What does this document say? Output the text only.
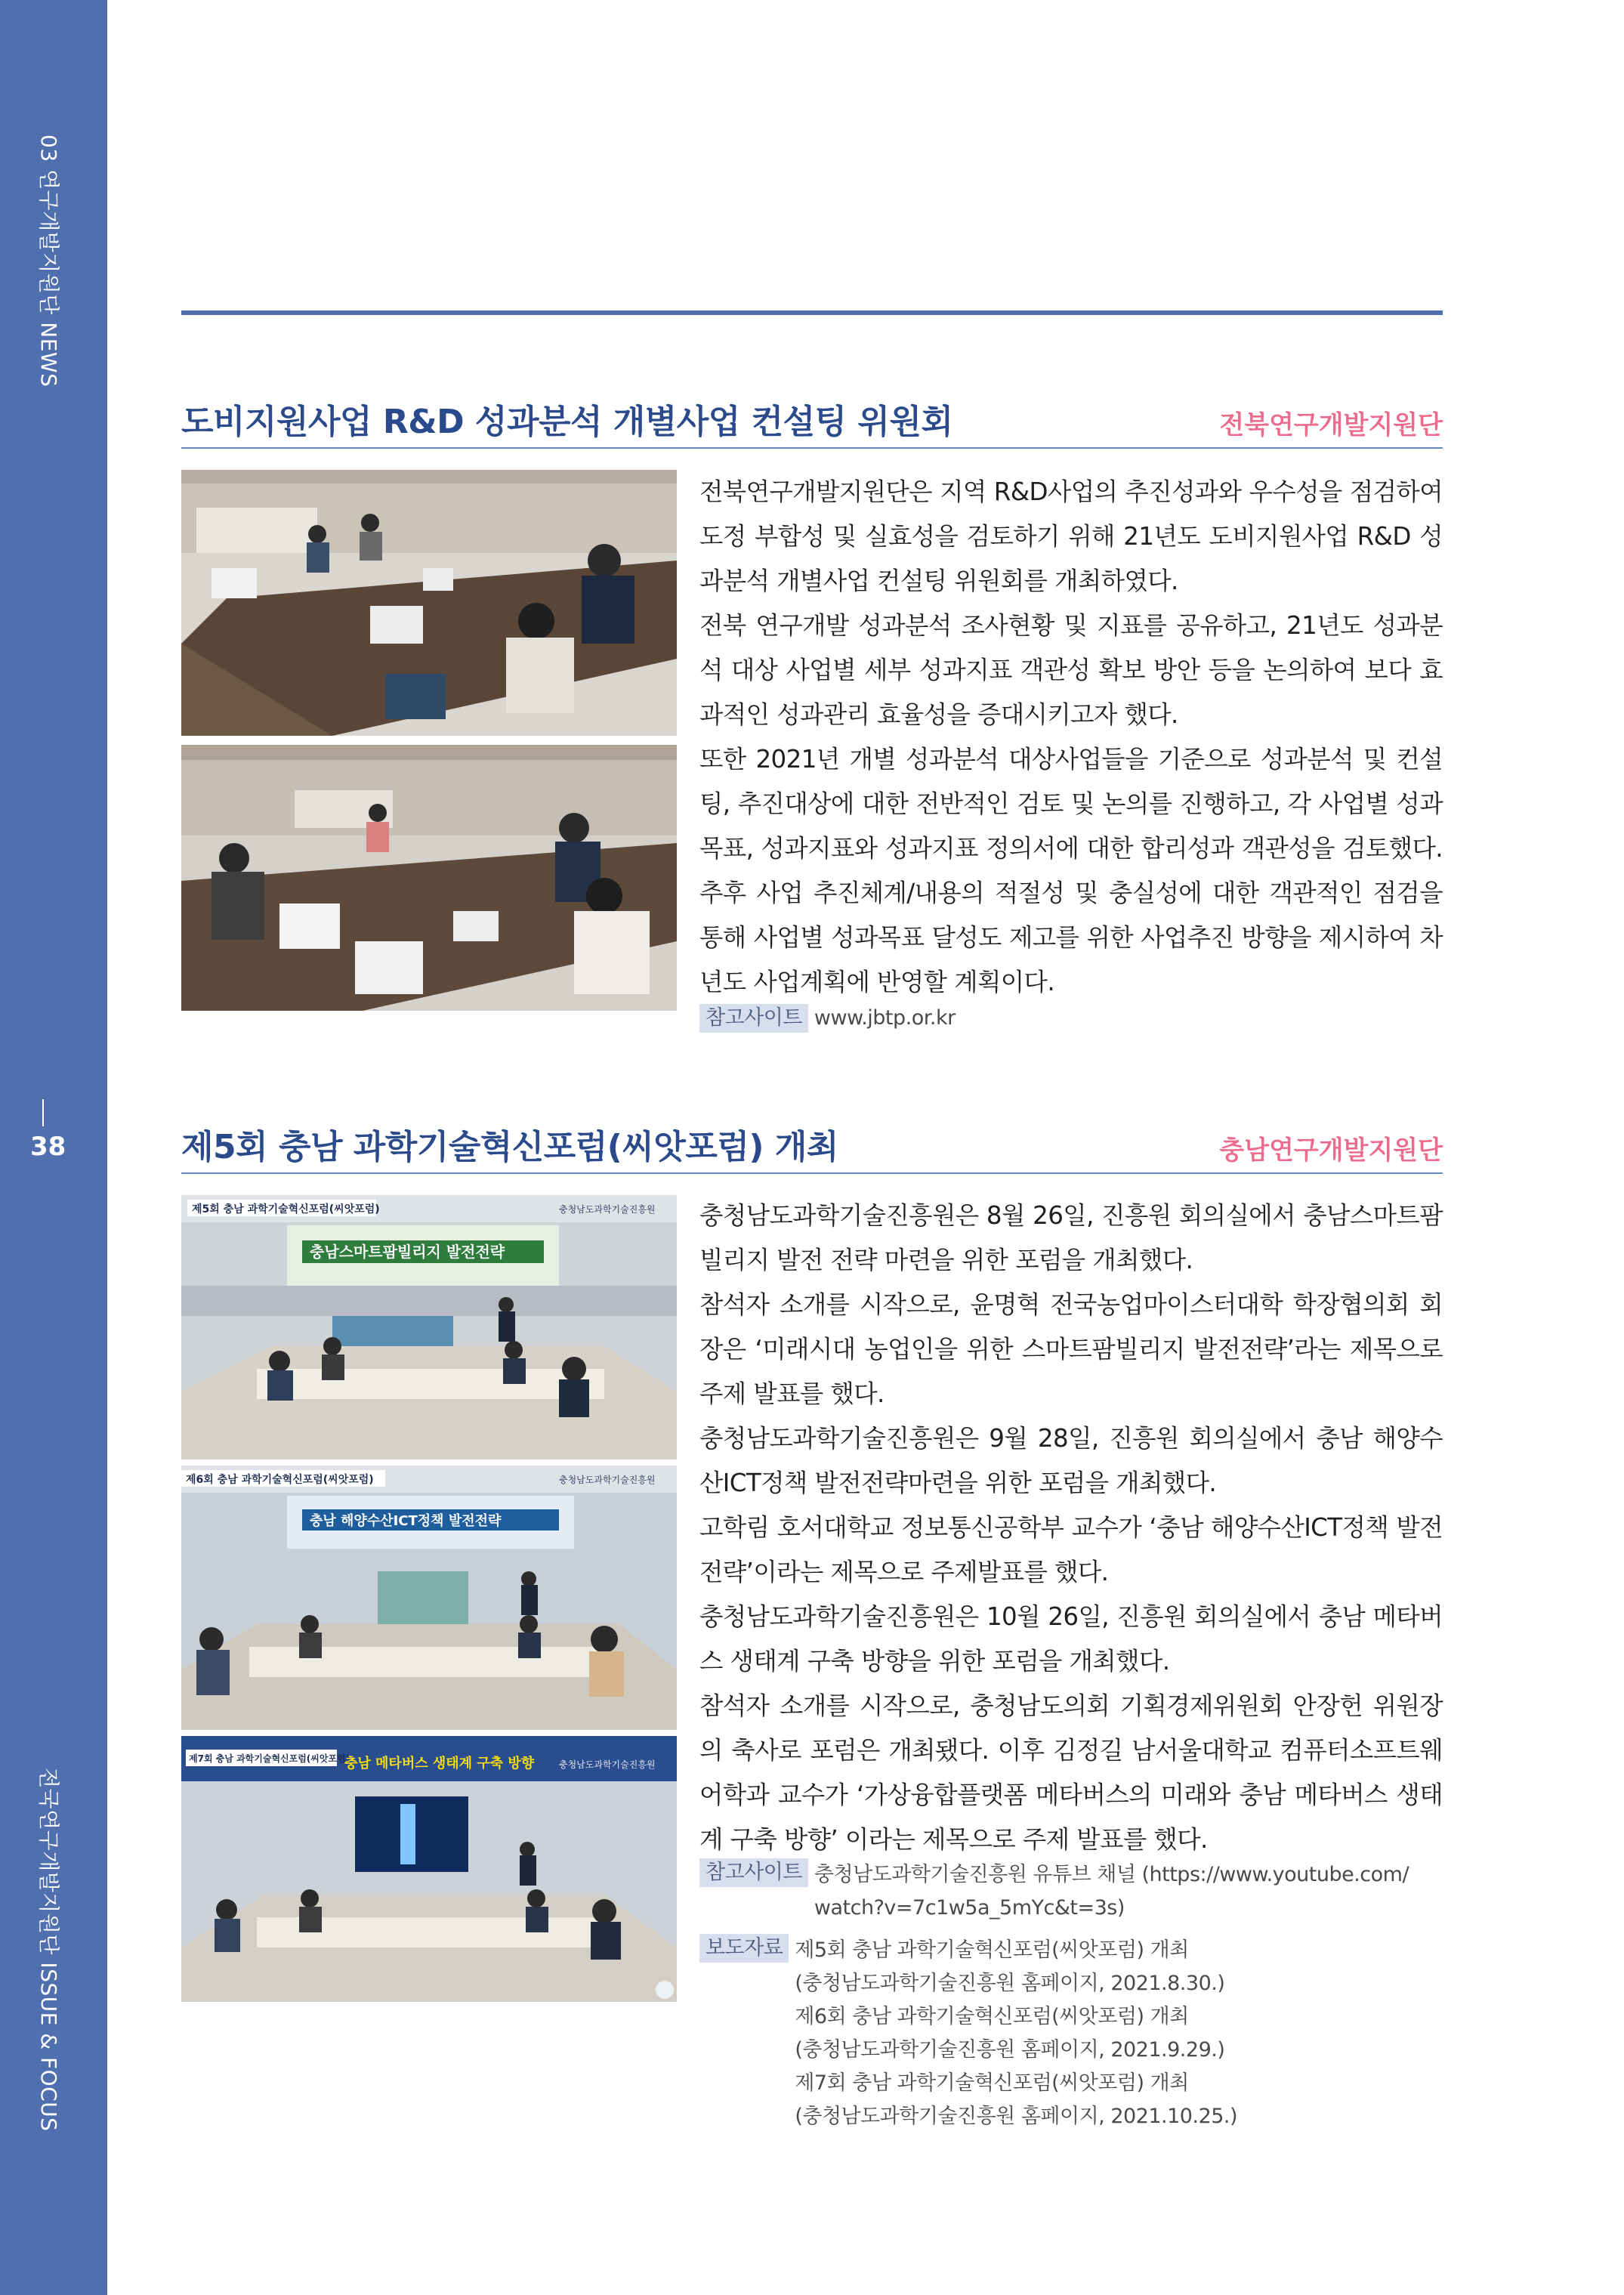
03 연구개발지원단 NEWS
38
전국연구개발지원단 ISSUE & FOCUS
도비지원사업 R&D 성과분석 개별사업 컨설팅 위원회	전북연구개발지원단

전북연구개발지원단은 지역 R&D사업의 추진성과와 우수성을 점검하여 도정 부합성 및 실효성을 검토하기 위해 21년도 도비지원사업 R&D 성과분석 개별사업 컨설팅 위원회를 개최하였다.

전북 연구개발 성과분석 조사현황 및 지표를 공유하고, 21년도 성과분석 대상 사업별 세부 성과지표 객관성 확보 방안 등을 논의하여 보다 효과적인 성과관리 효율성을 증대시키고자 했다.

또한 2021년 개별 성과분석 대상사업들을 기준으로 성과분석 및 컨설팅, 추진대상에 대한 전반적인 검토 및 논의를 진행하고, 각 사업별 성과목표, 성과지표와 성과지표 정의서에 대한 합리성과 객관성을 검토했다. 추후 사업 추진체계/내용의 적절성 및 충실성에 대한 객관적인 점검을 통해 사업별 성과목표 달성도 제고를 위한 사업추진 방향을 제시하여 차년도 사업계획에 반영할 계획이다.

참고사이트 www.jbtp.or.kr
제5회 충남 과학기술혁신포럼(씨앗포럼) 개최	충남연구개발지원단
제5회 충남 과학기술혁신포럼(씨앗포럼)	충청남도과학기술진흥원
충남스마트팜빌리지 발전전략
제6회 충남 과학기술혁신포럼(씨앗포럼)	충청남도과학기술진흥원
충남 해양수산ICT정책 발전전략
제7회 충남 과학기술혁신포럼(씨앗포럼)
충남 메타버스 생태계 구축 방향	충청남도과학기술진흥원

충청남도과학기술진흥원은 8월 26일, 진흥원 회의실에서 충남스마트팜빌리지 발전 전략 마련을 위한 포럼을 개최했다.

참석자 소개를 시작으로, 윤명혁 전국농업마이스터대학 학장협의회 회장은 ‘미래시대 농업인을 위한 스마트팜빌리지 발전전략’라는 제목으로 주제 발표를 했다.

충청남도과학기술진흥원은 9월 28일, 진흥원 회의실에서 충남 해양수산ICT정책 발전전략마련을 위한 포럼을 개최했다.

고학림 호서대학교 정보통신공학부 교수가 ‘충남 해양수산ICT정책 발전전략’이라는 제목으로 주제발표를 했다.

충청남도과학기술진흥원은 10월 26일, 진흥원 회의실에서 충남 메타버스 생태계 구축 방향을 위한 포럼을 개최했다.

참석자 소개를 시작으로, 충청남도의회 기획경제위원회 안장헌 위원장의 축사로 포럼은 개최됐다. 이후 김정길 남서울대학교 컴퓨터소프트웨어학과 교수가 ‘가상융합플랫폼 메타버스의 미래와 충남 메타버스 생태계 구축 방향’ 이라는 제목으로 주제 발표를 했다.

참고사이트 충청남도과학기술진흥원 유튜브 채널 (https://www.youtube.com/
watch?v=7c1w5a_5mYc&t=3s)
보도자료 제5회 충남 과학기술혁신포럼(씨앗포럼) 개최
(충청남도과학기술진흥원 홈페이지, 2021.8.30.)
제6회 충남 과학기술혁신포럼(씨앗포럼) 개최
(충청남도과학기술진흥원 홈페이지, 2021.9.29.)
제7회 충남 과학기술혁신포럼(씨앗포럼) 개최
(충청남도과학기술진흥원 홈페이지, 2021.10.25.)
